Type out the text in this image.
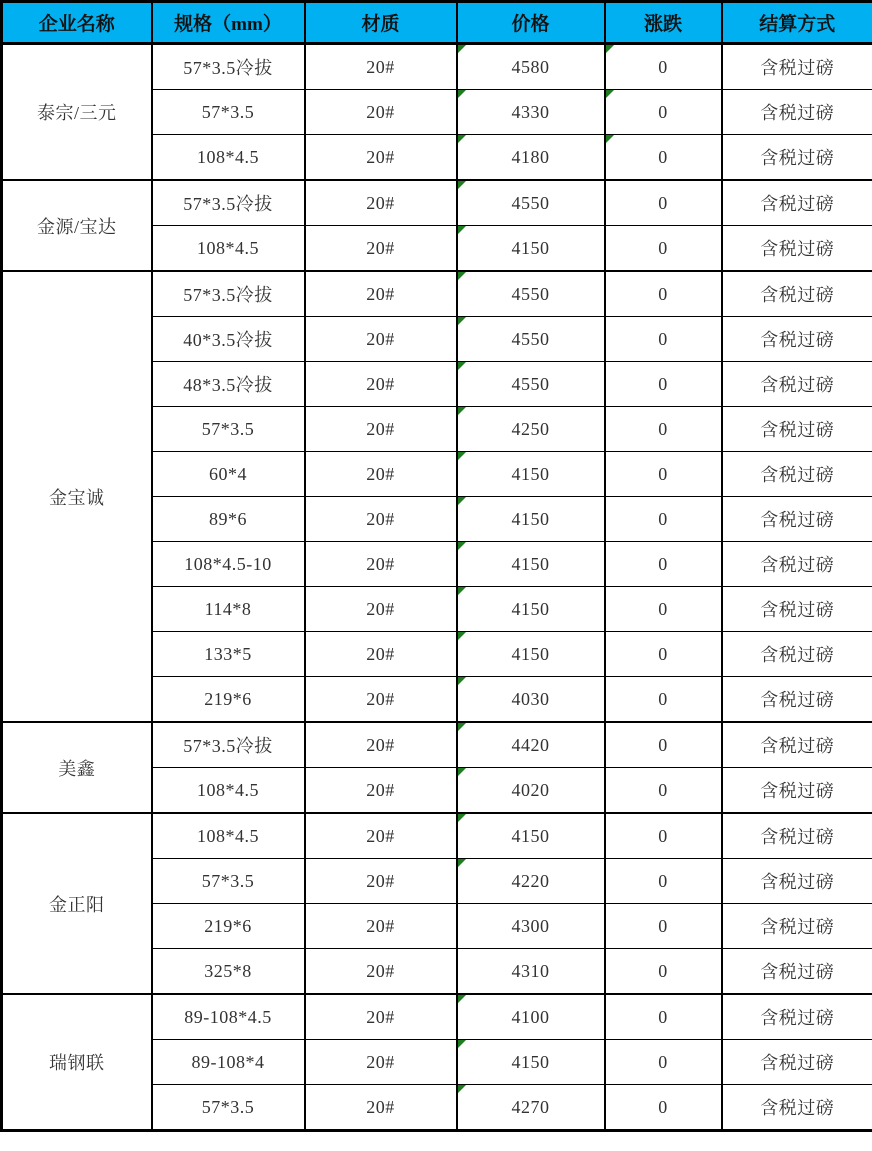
企业名称	规格（mm）	材质	价格	涨跌	结算方式
泰宗/三元	57*3.5冷拔	20#	4580	0	含税过磅
	57*3.5	20#	4330	0	含税过磅
	108*4.5	20#	4180	0	含税过磅
金源/宝达	57*3.5冷拔	20#	4550	0	含税过磅
	108*4.5	20#	4150	0	含税过磅
金宝诚	57*3.5冷拔	20#	4550	0	含税过磅
	40*3.5冷拔	20#	4550	0	含税过磅
	48*3.5冷拔	20#	4550	0	含税过磅
	57*3.5	20#	4250	0	含税过磅
	60*4	20#	4150	0	含税过磅
	89*6	20#	4150	0	含税过磅
	108*4.5-10	20#	4150	0	含税过磅
	114*8	20#	4150	0	含税过磅
	133*5	20#	4150	0	含税过磅
	219*6	20#	4030	0	含税过磅
美鑫	57*3.5冷拔	20#	4420	0	含税过磅
	108*4.5	20#	4020	0	含税过磅
金正阳	108*4.5	20#	4150	0	含税过磅
	57*3.5	20#	4220	0	含税过磅
	219*6	20#	4300	0	含税过磅
	325*8	20#	4310	0	含税过磅
瑞钢联	89-108*4.5	20#	4100	0	含税过磅
	89-108*4	20#	4150	0	含税过磅
	57*3.5	20#	4270	0	含税过磅
